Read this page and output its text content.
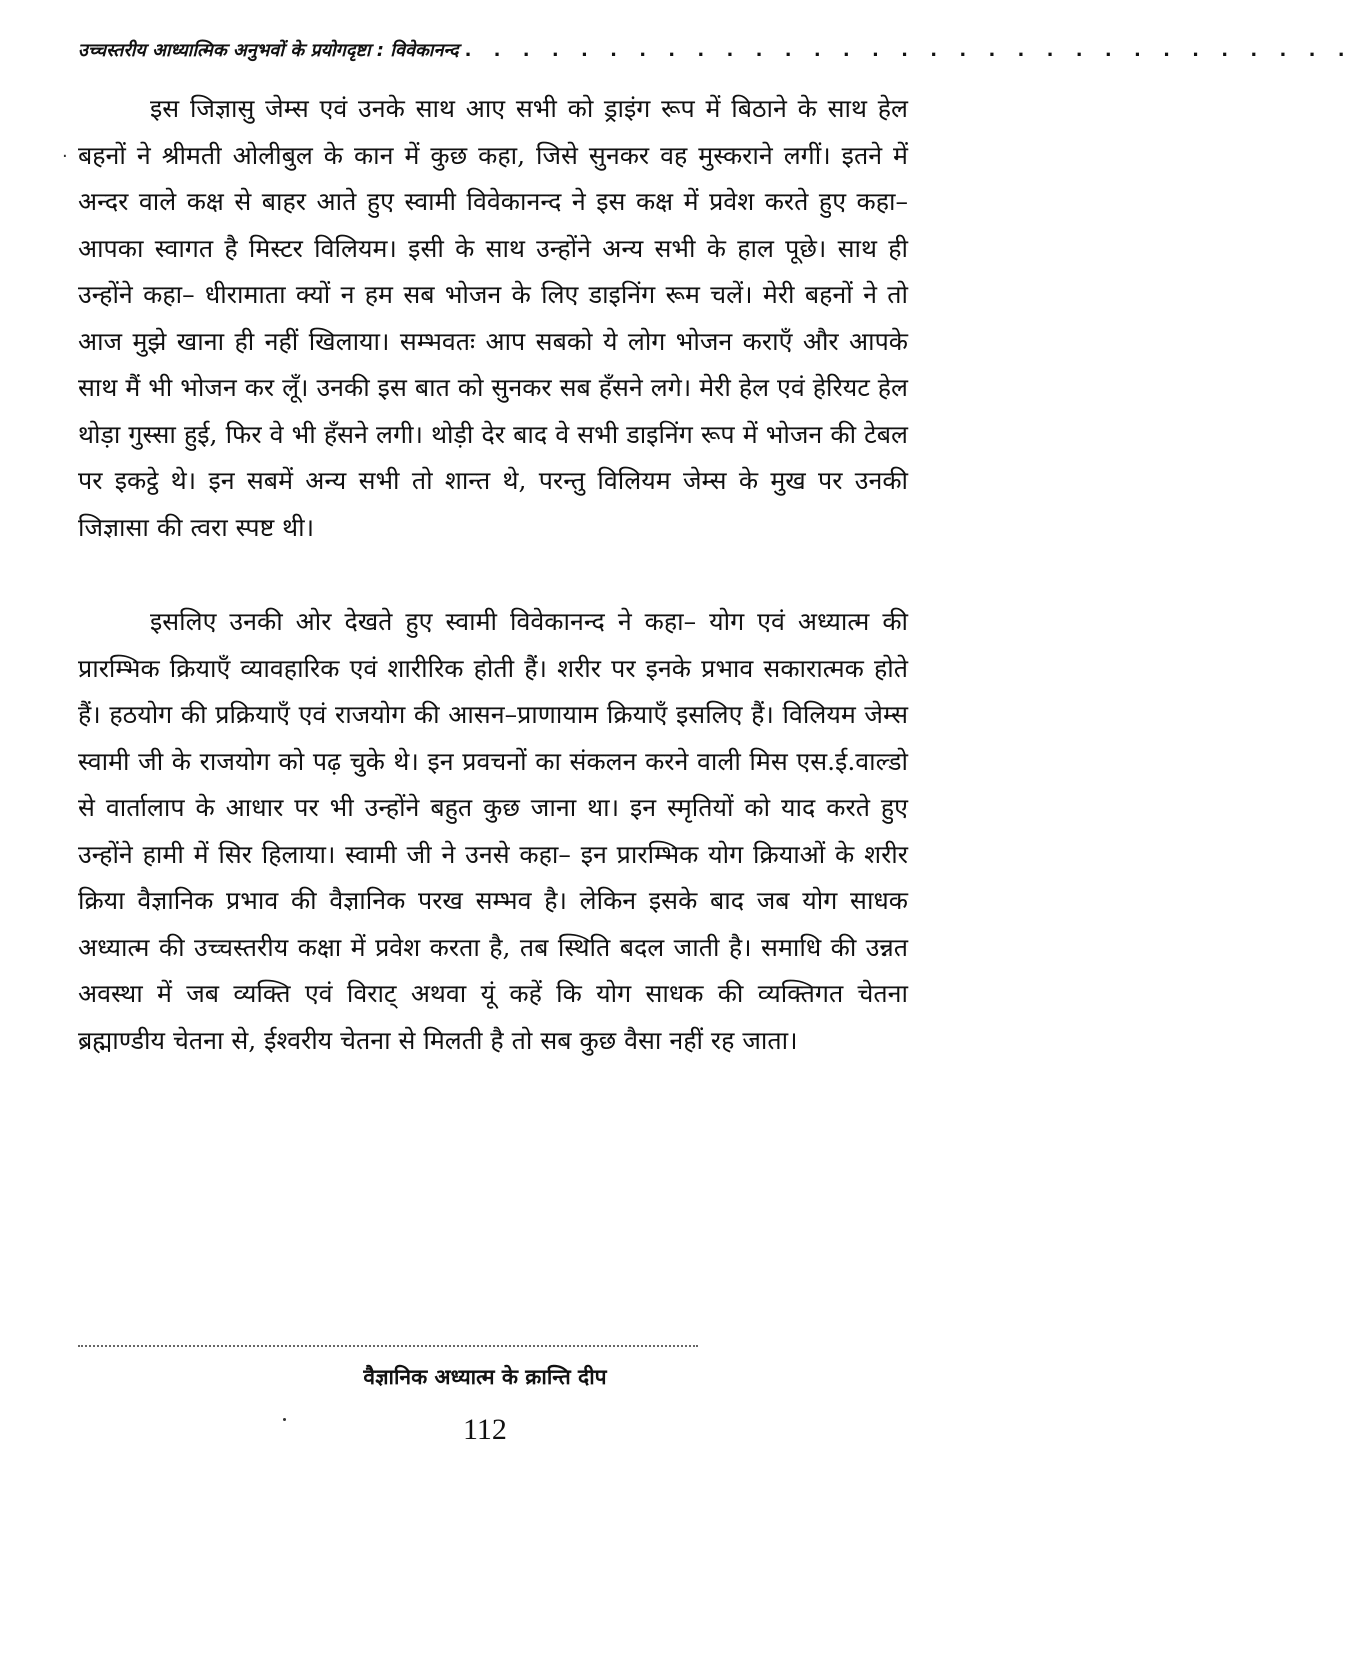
उच्चस्तरीय आध्यात्मिक अनुभवों के प्रयोगदृष्टा : विवेकानन्द . . . . . . . . . . . . . . . . . . . . . . . . . . . . . . .
·

इस जिज्ञासु जेम्स एवं उनके साथ आए सभी को ड्राइंग रूप में बिठाने के साथ हेल बहनों ने श्रीमती ओलीबुल के कान में कुछ कहा, जिसे सुनकर वह मुस्कराने लगीं। इतने में अन्दर वाले कक्ष से बाहर आते हुए स्वामी विवेकानन्द ने इस कक्ष में प्रवेश करते हुए कहा– आपका स्वागत है मिस्टर विलियम। इसी के साथ उन्होंने अन्य सभी के हाल पूछे। साथ ही उन्होंने कहा– धीरामाता क्यों न हम सब भोजन के लिए डाइनिंग रूम चलें। मेरी बहनों ने तो आज मुझे खाना ही नहीं खिलाया। सम्भवतः आप सबको ये लोग भोजन कराएँ और आपके साथ मैं भी भोजन कर लूँ। उनकी इस बात को सुनकर सब हँसने लगे। मेरी हेल एवं हेरियट हेल थोड़ा गुस्सा हुई, फिर वे भी हँसने लगी। थोड़ी देर बाद वे सभी डाइनिंग रूप में भोजन की टेबल पर इकट्ठे थे। इन सबमें अन्य सभी तो शान्त थे, परन्तु विलियम जेम्स के मुख पर उनकी जिज्ञासा की त्वरा स्पष्ट थी।

इसलिए उनकी ओर देखते हुए स्वामी विवेकानन्द ने कहा– योग एवं अध्यात्म की प्रारम्भिक क्रियाएँ व्यावहारिक एवं शारीरिक होती हैं। शरीर पर इनके प्रभाव सकारात्मक होते हैं। हठयोग की प्रक्रियाएँ एवं राजयोग की आसन–प्राणायाम क्रियाएँ इसलिए हैं। विलियम जेम्स स्वामी जी के राजयोग को पढ़ चुके थे। इन प्रवचनों का संकलन करने वाली मिस एस.ई.वाल्डो से वार्तालाप के आधार पर भी उन्होंने बहुत कुछ जाना था। इन स्मृतियों को याद करते हुए उन्होंने हामी में सिर हिलाया। स्वामी जी ने उनसे कहा– इन प्रारम्भिक योग क्रियाओं के शरीर क्रिया वैज्ञानिक प्रभाव की वैज्ञानिक परख सम्भव है। लेकिन इसके बाद जब योग साधक अध्यात्म की उच्चस्तरीय कक्षा में प्रवेश करता है, तब स्थिति बदल जाती है। समाधि की उन्नत अवस्था में जब व्यक्ति एवं विराट् अथवा यूं कहें कि योग साधक की व्यक्तिगत चेतना ब्रह्माण्डीय चेतना से, ईश्वरीय चेतना से मिलती है तो सब कुछ वैसा नहीं रह जाता।

वैज्ञानिक अध्यात्म के क्रान्ति दीप
112
